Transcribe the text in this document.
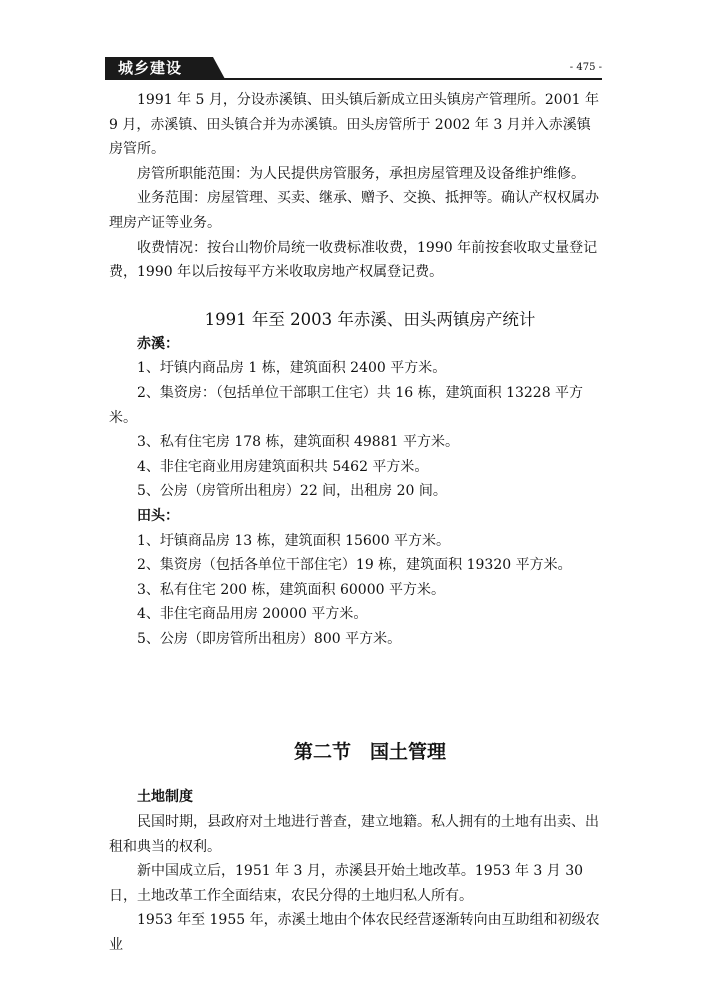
城乡建设	- 475 -

1991 年 5 月，分设赤溪镇、田头镇后新成立田头镇房产管理所。2001 年 9 月，赤溪镇、田头镇合并为赤溪镇。田头房管所于 2002 年 3 月并入赤溪镇房管所。

房管所职能范围：为人民提供房管服务，承担房屋管理及设备维护维修。

业务范围：房屋管理、买卖、继承、赠予、交换、抵押等。确认产权权属办理房产证等业务。

收费情况：按台山物价局统一收费标准收费，1990 年前按套收取丈量登记费，1990 年以后按每平方米收取房地产权属登记费。

1991 年至 2003 年赤溪、田头两镇房产统计

赤溪：

1、圩镇内商品房 1 栋，建筑面积 2400 平方米。

2、集资房：（包括单位干部职工住宅）共 16 栋，建筑面积 13228 平方米。

3、私有住宅房 178 栋，建筑面积 49881 平方米。

4、非住宅商业用房建筑面积共 5462 平方米。

5、公房（房管所出租房）22 间，出租房 20 间。

田头：

1、圩镇商品房 13 栋，建筑面积 15600 平方米。

2、集资房（包括各单位干部住宅）19 栋，建筑面积 19320 平方米。

3、私有住宅 200 栋，建筑面积 60000 平方米。

4、非住宅商品用房 20000 平方米。

5、公房（即房管所出租房）800 平方米。

第二节　国土管理

土地制度

民国时期，县政府对土地进行普查，建立地籍。私人拥有的土地有出卖、出租和典当的权利。

新中国成立后，1951 年 3 月，赤溪县开始土地改革。1953 年 3 月 30 日，土地改革工作全面结束，农民分得的土地归私人所有。

1953 年至 1955 年，赤溪土地由个体农民经营逐渐转向由互助组和初级农业
